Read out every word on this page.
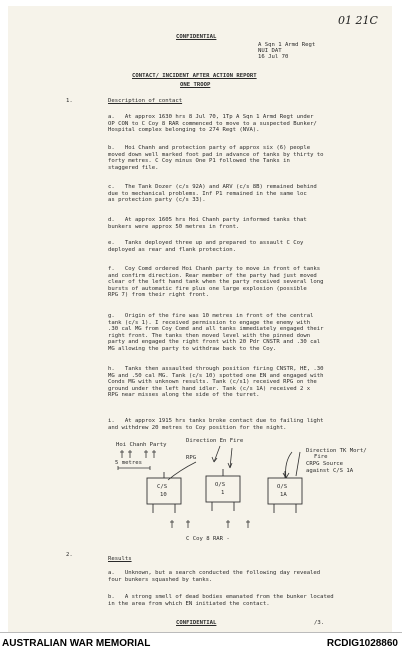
01 21C
CONFIDENTIAL
A Sqn 1 Armd Regt
NUI DAT
16 Jul 70
CONTACT/ INCIDENT AFTER ACTION REPORT
ONE TROOP
1.	Description of contact
a.   At approx 1630 hrs 8 Jul 70, 1Tp A Sqn 1 Armd Regt under
OP CON to C Coy 8 RAR commenced to move to a suspected Bunker/
Hospital complex belonging to 274 Regt (NVA).
b.   Hoi Chanh and protection party of approx six (6) people
moved down well marked foot pad in advance of tanks by thirty to
forty metres. C Coy minus One P1 followed the Tanks in
staggered file.
c.   The Tank Dozer (c/s 92A) and ARV (c/s 8B) remained behind
due to mechanical problems. Inf P1 remained in the same loc
as protection party (c/s 33).
d.   At approx 1605 hrs Hoi Chanh party informed tanks that
bunkers were approx 50 metres in front.
e.   Tanks deployed three up and prepared to assault C Coy
deployed as rear and flank protection.
f.   Coy Comd ordered Hoi Chanh party to move in front of tanks
and confirm direction. Rear member of the party had just moved
clear of the left hand tank when the party received several long
bursts of automatic fire plus one large explosion (possible
RPG 7) from their right front.
g.   Origin of the fire was 10 metres in front of the central
tank (c/s 1). I received permission to engage the enemy with
.30 cal MG from Coy Comd and all tanks immediately engaged their
right front. The tanks then moved level with the pinned down
party and engaged the right front with 20 Pdr CNSTR and .30 cal
MG allowing the party to withdraw back to the Coy.
h.   Tanks then assaulted through position firing CNSTR, HE, .30
MG and .50 cal MG. Tank (c/s 10) spotted one EN and engaged with
Conds MG with unknown results. Tank (c/s1) received RPG on the
ground under the left hand idler. Tank (c/s 1A) received 2 x
RPG near misses along the side of the turret.
i.   At approx 1915 hrs tanks broke contact due to failing light
and withdrew 20 metres to Coy position for the night.
Hoi Chanh Party
Direction En Fire
RPG
Direction TK Mort/
Fire
CRPG Source
against C/S 1A
5 metres
C/S
10
O/S
1
O/S
1A
C Coy 8 RAR -
2.
Results
a.   Unknown, but a search conducted the following day revealed
four bunkers squashed by tanks.
b.   A strong smell of dead bodies emanated from the bunker located
in the area from which EN initiated the contact.
CONFIDENTIAL	/3.
AUSTRALIAN WAR MEMORIAL	RCDIG1028860
